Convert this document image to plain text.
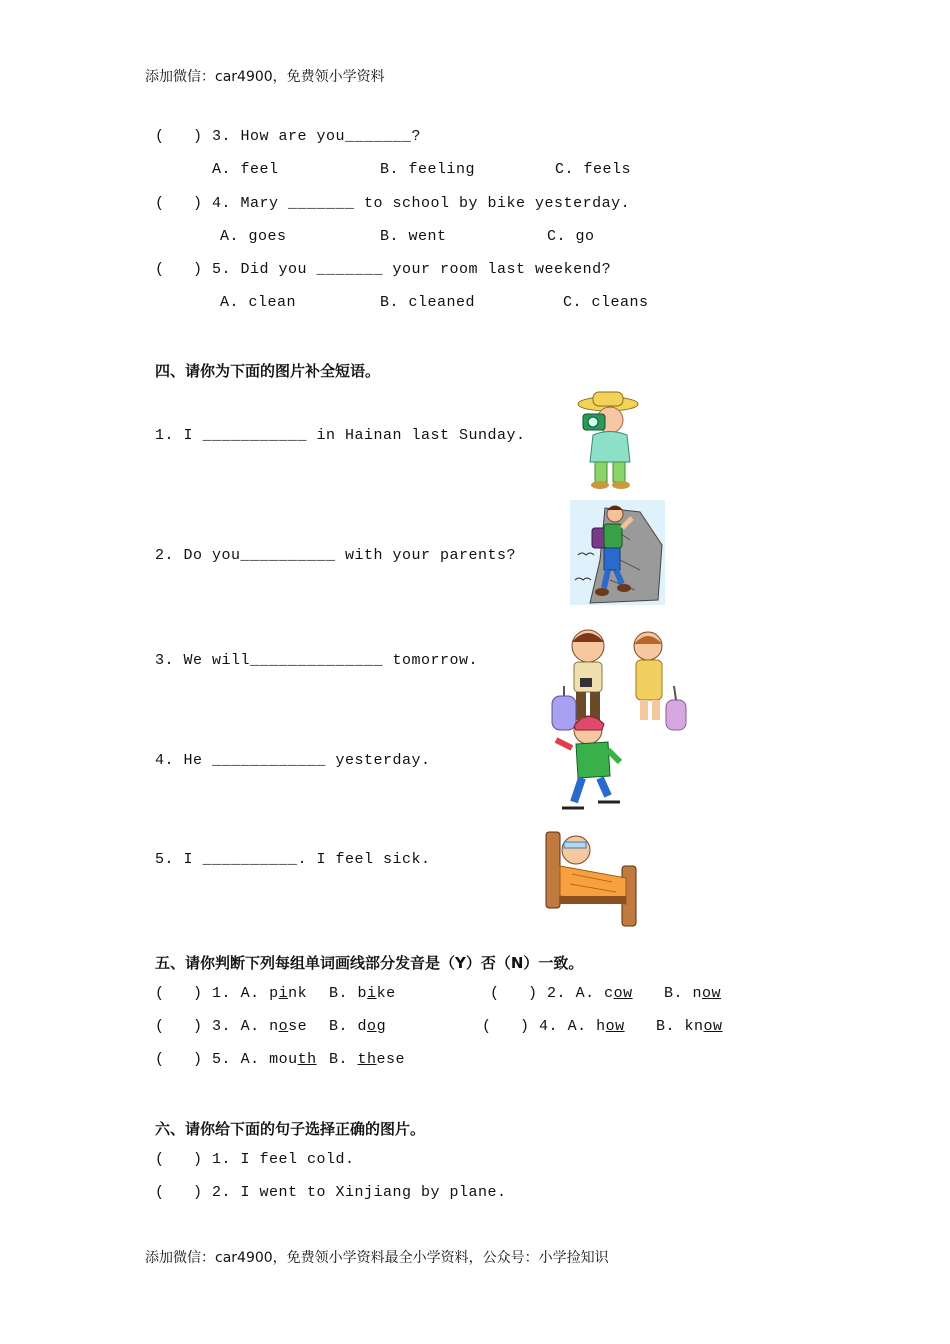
添加微信：car4900，免费领小学资料
(   ) 3. How are you_______?
A. feel	B. feeling	C. feels
(   ) 4. Mary _______ to school by bike yesterday.
A. goes	B. went	C. go
(   ) 5. Did you _______ your room last weekend?
A. clean	B. cleaned	C. cleans
四、请你为下面的图片补全短语。
1. I ___________ in Hainan last Sunday.
2. Do you__________ with your parents?
3. We will______________ tomorrow.
4. He ____________ yesterday.
5. I __________. I feel sick.
五、请你判断下列每组单词画线部分发音是（Y）否（N）一致。
(   ) 1. A. pink B. bike	(   ) 2. A. cow B. now
(   ) 3. A. nose B. dog	(   ) 4. A. how B. know
(   ) 5. A. mouth B. these
六、请你给下面的句子选择正确的图片。
(   ) 1. I feel cold.
(   ) 2. I went to Xinjiang by plane.
添加微信：car4900，免费领小学资料最全小学资料，公众号：小学捡知识
